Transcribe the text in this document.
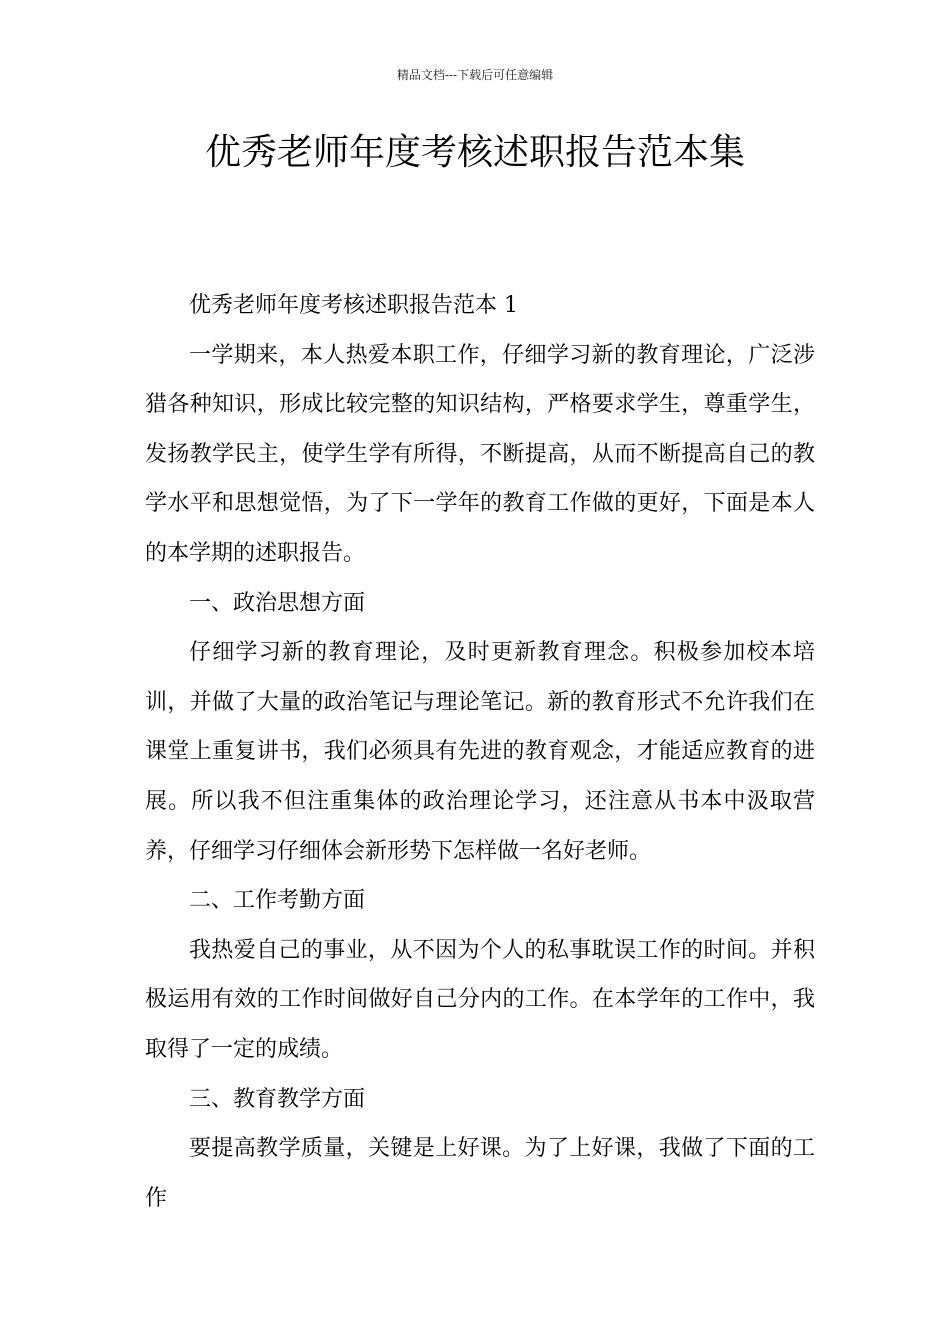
精品文档---下载后可任意编辑
优秀老师年度考核述职报告范本集

优秀老师年度考核述职报告范本 1

一学期来，本人热爱本职工作，仔细学习新的教育理论，广泛涉猎各种知识，形成比较完整的知识结构，严格要求学生，尊重学生，发扬教学民主，使学生学有所得，不断提高，从而不断提高自己的教学水平和思想觉悟，为了下一学年的教育工作做的更好，下面是本人的本学期的述职报告。

一、政治思想方面

仔细学习新的教育理论，及时更新教育理念。积极参加校本培训，并做了大量的政治笔记与理论笔记。新的教育形式不允许我们在课堂上重复讲书，我们必须具有先进的教育观念，才能适应教育的进展。所以我不但注重集体的政治理论学习，还注意从书本中汲取营养，仔细学习仔细体会新形势下怎样做一名好老师。

二、工作考勤方面

我热爱自己的事业，从不因为个人的私事耽误工作的时间。并积极运用有效的工作时间做好自己分内的工作。在本学年的工作中，我取得了一定的成绩。

三、教育教学方面

要提高教学质量，关键是上好课。为了上好课，我做了下面的工作
